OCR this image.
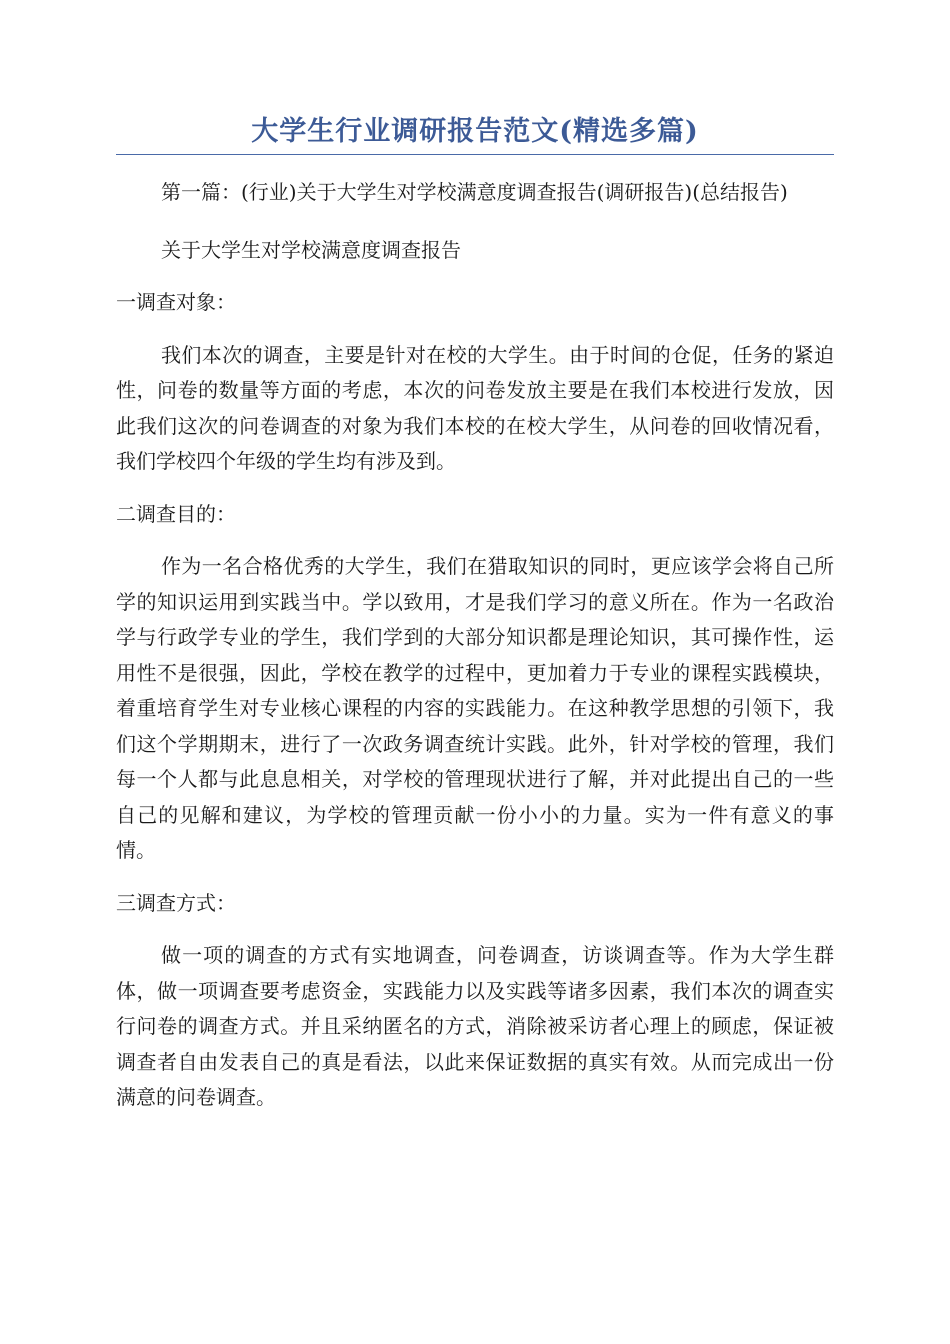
大学生行业调研报告范文(精选多篇)

第一篇：(行业)关于大学生对学校满意度调查报告(调研报告)(总结报告)

关于大学生对学校满意度调查报告

一调查对象：

我们本次的调查，主要是针对在校的大学生。由于时间的仓促，任务的紧迫性，问卷的数量等方面的考虑，本次的问卷发放主要是在我们本校进行发放，因此我们这次的问卷调查的对象为我们本校的在校大学生，从问卷的回收情况看，我们学校四个年级的学生均有涉及到。

二调查目的：

作为一名合格优秀的大学生，我们在猎取知识的同时，更应该学会将自己所学的知识运用到实践当中。学以致用，才是我们学习的意义所在。作为一名政治学与行政学专业的学生，我们学到的大部分知识都是理论知识，其可操作性，运用性不是很强，因此，学校在教学的过程中，更加着力于专业的课程实践模块，着重培育学生对专业核心课程的内容的实践能力。在这种教学思想的引领下，我们这个学期期末，进行了一次政务调查统计实践。此外，针对学校的管理，我们每一个人都与此息息相关，对学校的管理现状进行了解，并对此提出自己的一些自己的见解和建议，为学校的管理贡献一份小小的力量。实为一件有意义的事情。

三调查方式：

做一项的调查的方式有实地调查，问卷调查，访谈调查等。作为大学生群体，做一项调查要考虑资金，实践能力以及实践等诸多因素，我们本次的调查实行问卷的调查方式。并且采纳匿名的方式，消除被采访者心理上的顾虑，保证被调查者自由发表自己的真是看法，以此来保证数据的真实有效。从而完成出一份满意的问卷调查。
